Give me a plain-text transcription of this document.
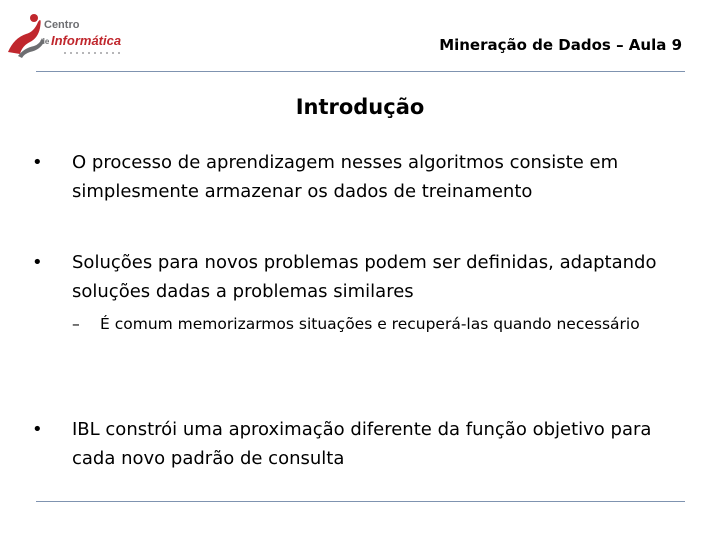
Centro
de Informática	Mineração de Dados – Aula 9
Introdução
• O processo de aprendizagem nesses algoritmos consiste em simplesmente armazenar os dados de treinamento
• Soluções para novos problemas podem ser definidas, adaptando soluções dadas a problemas similares
– É comum memorizarmos situações e recuperá-las quando necessário
• IBL constrói uma aproximação diferente da função objetivo para cada novo padrão de consulta
